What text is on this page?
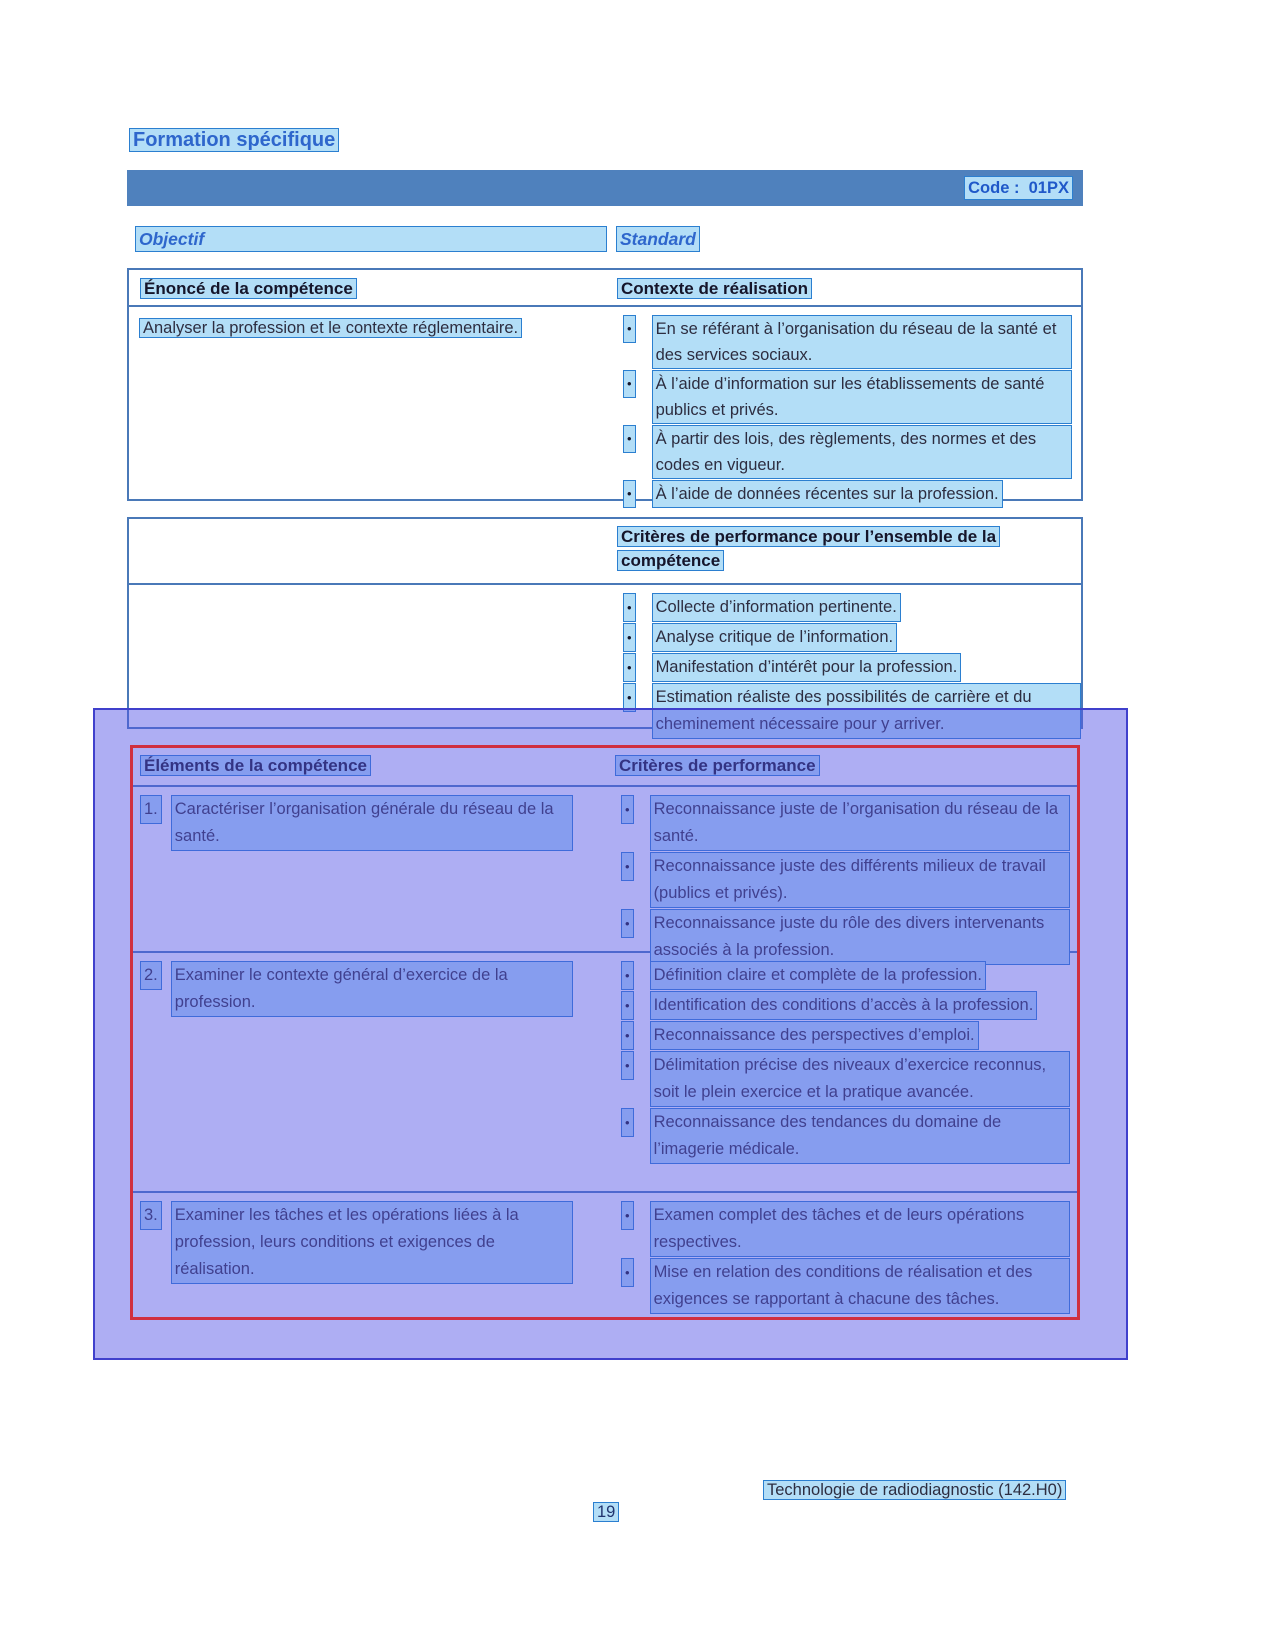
Formation spécifique
Code :  01PX
Objectif	Standard
Énoncé de la compétence	Contexte de réalisation
Analyser la profession et le contexte réglementaire.	• En se référant à l’organisation du réseau de la santé et des services sociaux.
• À l’aide d’information sur les établissements de santé publics et privés.
• À partir des lois, des règlements, des normes et des codes en vigueur.
• À l’aide de données récentes sur la profession.
Critères de performance pour l’ensemble de la compétence
• Collecte d’information pertinente.
• Analyse critique de l’information.
• Manifestation d’intérêt pour la profession.
• Estimation réaliste des possibilités de carrière et du cheminement nécessaire pour y arriver.
Éléments de la compétence	Critères de performance
1. Caractériser l’organisation générale du réseau de la santé.
• Reconnaissance juste de l’organisation du réseau de la santé.
• Reconnaissance juste des différents milieux de travail (publics et privés).
• Reconnaissance juste du rôle des divers intervenants associés à la profession.
2. Examiner le contexte général d’exercice de la profession.
• Définition claire et complète de la profession.
• Identification des conditions d’accès à la profession.
• Reconnaissance des perspectives d’emploi.
• Délimitation précise des niveaux d’exercice reconnus, soit le plein exercice et la pratique avancée.
• Reconnaissance des tendances du domaine de l’imagerie médicale.
3. Examiner les tâches et les opérations liées à la profession, leurs conditions et exigences de réalisation.
• Examen complet des tâches et de leurs opérations respectives.
• Mise en relation des conditions de réalisation et des exigences se rapportant à chacune des tâches.
Technologie de radiodiagnostic (142.H0)
19
